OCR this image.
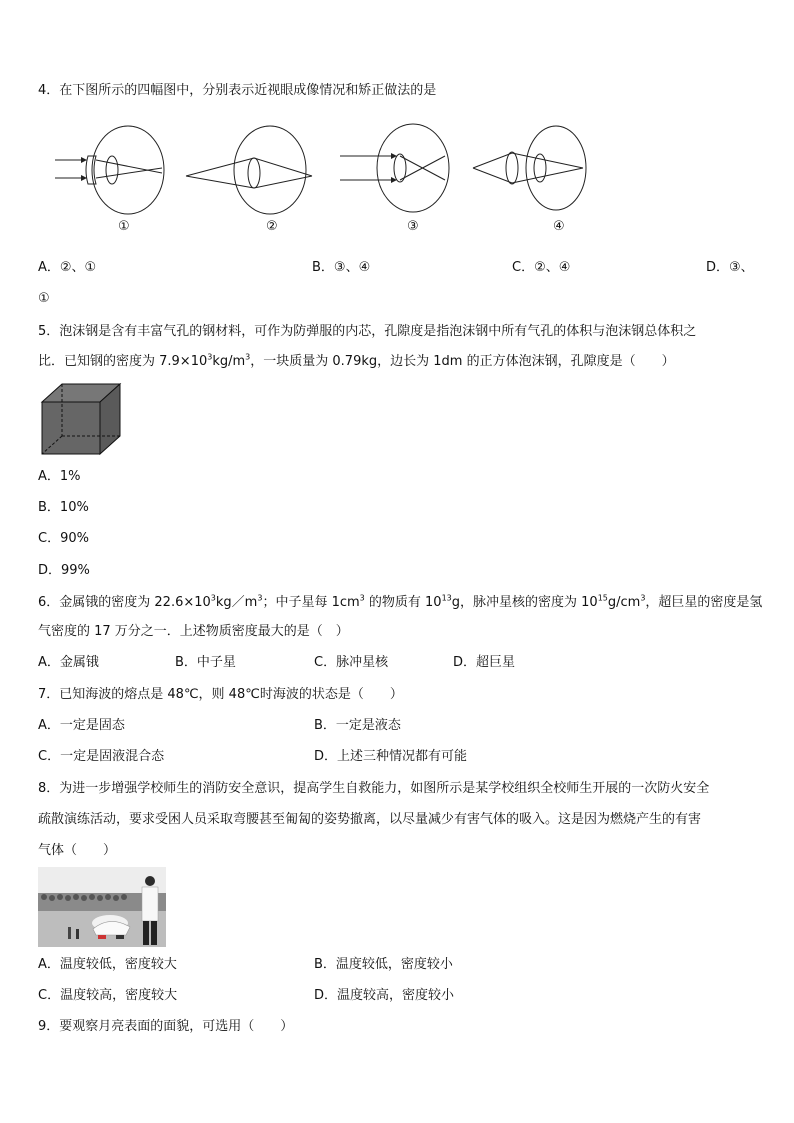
4．在下图所示的四幅图中，分别表示近视眼成像情况和矫正做法的是
①	②	③	④
A．②、①	B．③、④	C．②、④	D．③、
①
5．泡沫钢是含有丰富气孔的钢材料，可作为防弹服的内芯，孔隙度是指泡沫钢中所有气孔的体积与泡沫钢总体积之
比．已知钢的密度为 $7.9\times 10^3kg/m^3$，一块质量为 0.79kg，边长为 1dm 的正方体泡沫钢，孔隙度是（　　）
A．1%
B．10%
C．90%
D．99%
6．金属锇的密度为 $22.6\times 10^3kg/m^3$；中子星每 $1cm^3$ 的物质有 $10^{13}g$，脉冲星核的密度为 $10^{15}g/cm^3$，超巨星的密度是氢
气密度的 17 万分之一．上述物质密度最大的是（　）
A．金属锇	B．中子星	C．脉冲星核	D．超巨星
7．已知海波的熔点是 48℃，则 48℃时海波的状态是（　　）
A．一定是固态	B．一定是液态
C．一定是固液混合态	D．上述三种情况都有可能
8．为进一步增强学校师生的消防安全意识，提高学生自救能力，如图所示是某学校组织全校师生开展的一次防火安全
疏散演练活动，要求受困人员采取弯腰甚至匍匐的姿势撤离，以尽量减少有害气体的吸入。这是因为燃烧产生的有害
气体（　　）
A．温度较低，密度较大	B．温度较低，密度较小
C．温度较高，密度较大	D．温度较高，密度较小
9．要观察月亮表面的面貌，可选用（　　）
